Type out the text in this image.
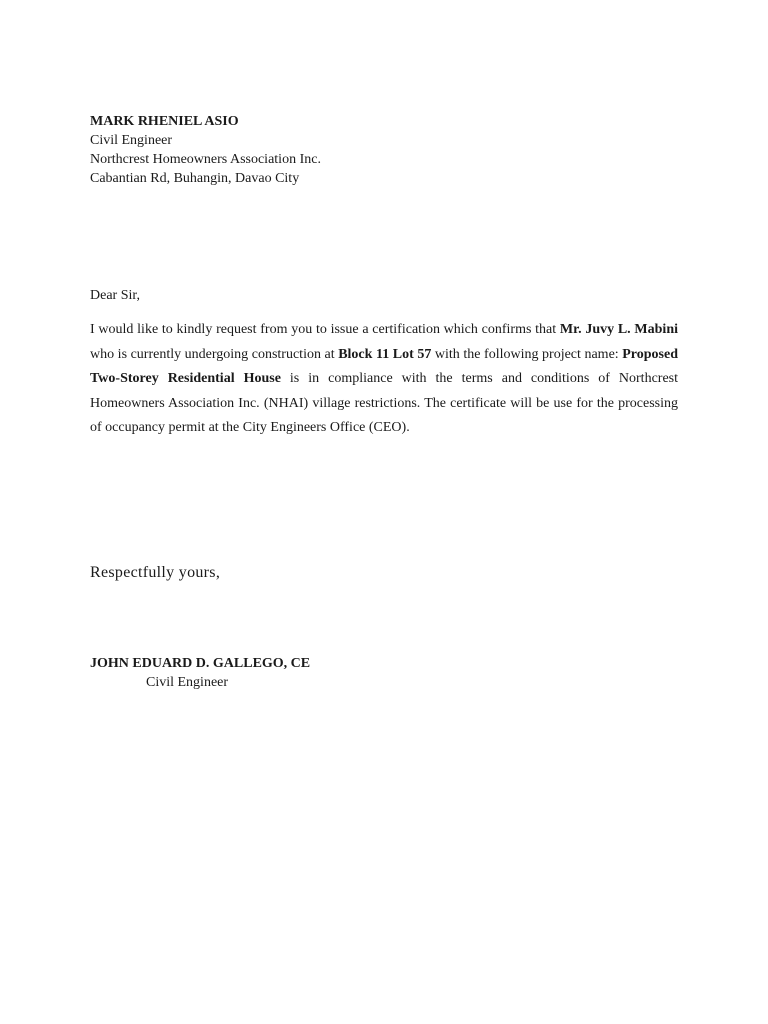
MARK RHENIEL ASIO
Civil Engineer
Northcrest Homeowners Association Inc.
Cabantian Rd, Buhangin, Davao City
Dear Sir,

I would like to kindly request from you to issue a certification which confirms that Mr. Juvy L. Mabini who is currently undergoing construction at Block 11 Lot 57 with the following project name: Proposed Two-Storey Residential House is in compliance with the terms and conditions of Northcrest Homeowners Association Inc. (NHAI) village restrictions. The certificate will be use for the processing of occupancy permit at the City Engineers Office (CEO).

Respectfully yours,
JOHN EDUARD D. GALLEGO, CE
Civil Engineer
